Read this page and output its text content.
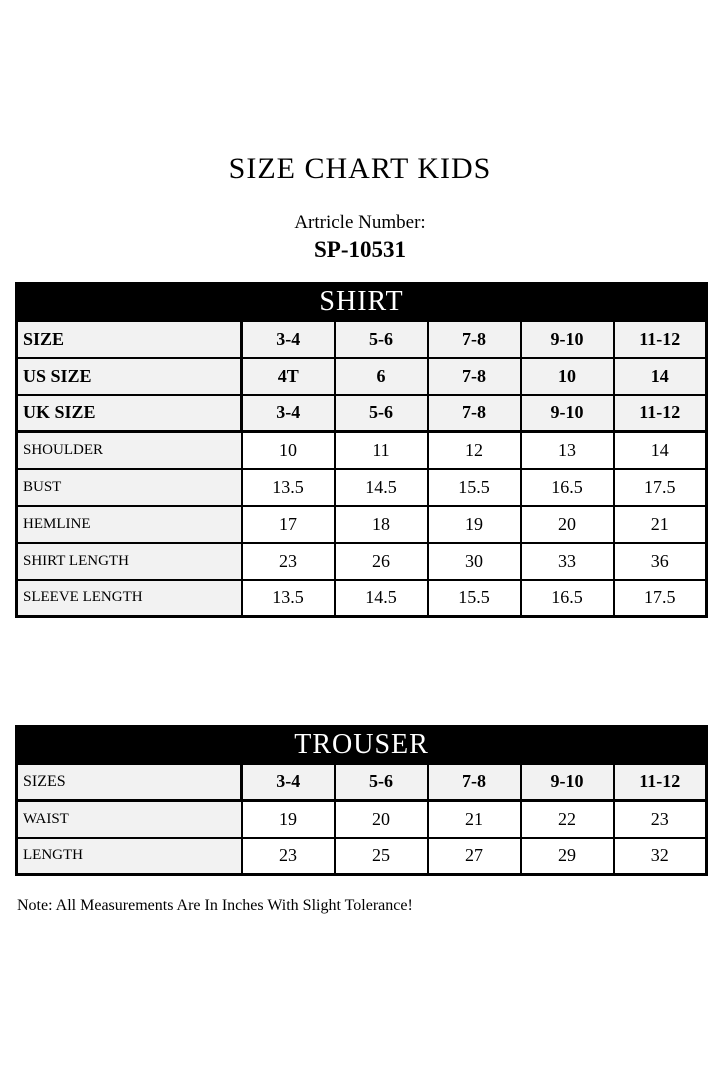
SIZE CHART KIDS
Artricle Number:
SP-10531
SHIRT					
SIZE	3-4	5-6	7-8	9-10	11-12
US SIZE	4T	6	7-8	10	14
UK SIZE	3-4	5-6	7-8	9-10	11-12
SHOULDER	10	11	12	13	14
BUST	13.5	14.5	15.5	16.5	17.5
HEMLINE	17	18	19	20	21
SHIRT LENGTH	23	26	30	33	36
SLEEVE LENGTH	13.5	14.5	15.5	16.5	17.5
TROUSER					
SIZES	3-4	5-6	7-8	9-10	11-12
WAIST	19	20	21	22	23
LENGTH	23	25	27	29	32
Note: All Measurements Are In Inches With Slight Tolerance!
